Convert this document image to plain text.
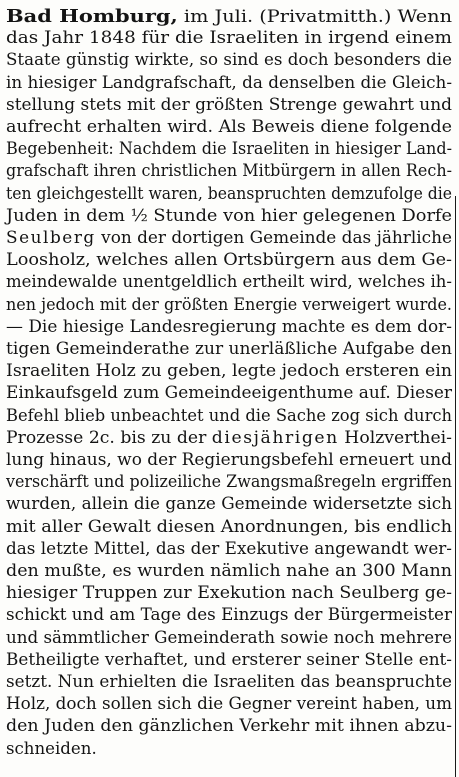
Bad Homburg, im Juli. (Privatmitth.) Wenn
das Jahr 1848 für die Israeliten in irgend einem
Staate günstig wirkte, so sind es doch besonders die
in hiesiger Landgrafschaft, da denselben die Gleich-
stellung stets mit der größten Strenge gewahrt und
aufrecht erhalten wird. Als Beweis diene folgende
Begebenheit: Nachdem die Israeliten in hiesiger Land-
grafschaft ihren christlichen Mitbürgern in allen Rech-
ten gleichgestellt waren, beanspruchten demzufolge die
Juden in dem ½ Stunde von hier gelegenen Dorfe
Seulberg von der dortigen Gemeinde das jährliche
Loosholz, welches allen Ortsbürgern aus dem Ge-
meindewalde unentgeldlich ertheilt wird, welches ih-
nen jedoch mit der größten Energie verweigert wurde.
— Die hiesige Landesregierung machte es dem dor-
tigen Gemeinderathe zur unerläßliche Aufgabe den
Israeliten Holz zu geben, legte jedoch ersteren ein
Einkaufsgeld zum Gemeindeeigenthume auf. Dieser
Befehl blieb unbeachtet und die Sache zog sich durch
Prozesse 2c. bis zu der diesjährigen Holzverthei-
lung hinaus, wo der Regierungsbefehl erneuert und
verschärft und polizeiliche Zwangsmaßregeln ergriffen
wurden, allein die ganze Gemeinde widersetzte sich
mit aller Gewalt diesen Anordnungen, bis endlich
das letzte Mittel, das der Exekutive angewandt wer-
den mußte, es wurden nämlich nahe an 300 Mann
hiesiger Truppen zur Exekution nach Seulberg ge-
schickt und am Tage des Einzugs der Bürgermeister
und sämmtlicher Gemeinderath sowie noch mehrere
Betheiligte verhaftet, und ersterer seiner Stelle ent-
setzt. Nun erhielten die Israeliten das beanspruchte
Holz, doch sollen sich die Gegner vereint haben, um
den Juden den gänzlichen Verkehr mit ihnen abzu-
schneiden.
